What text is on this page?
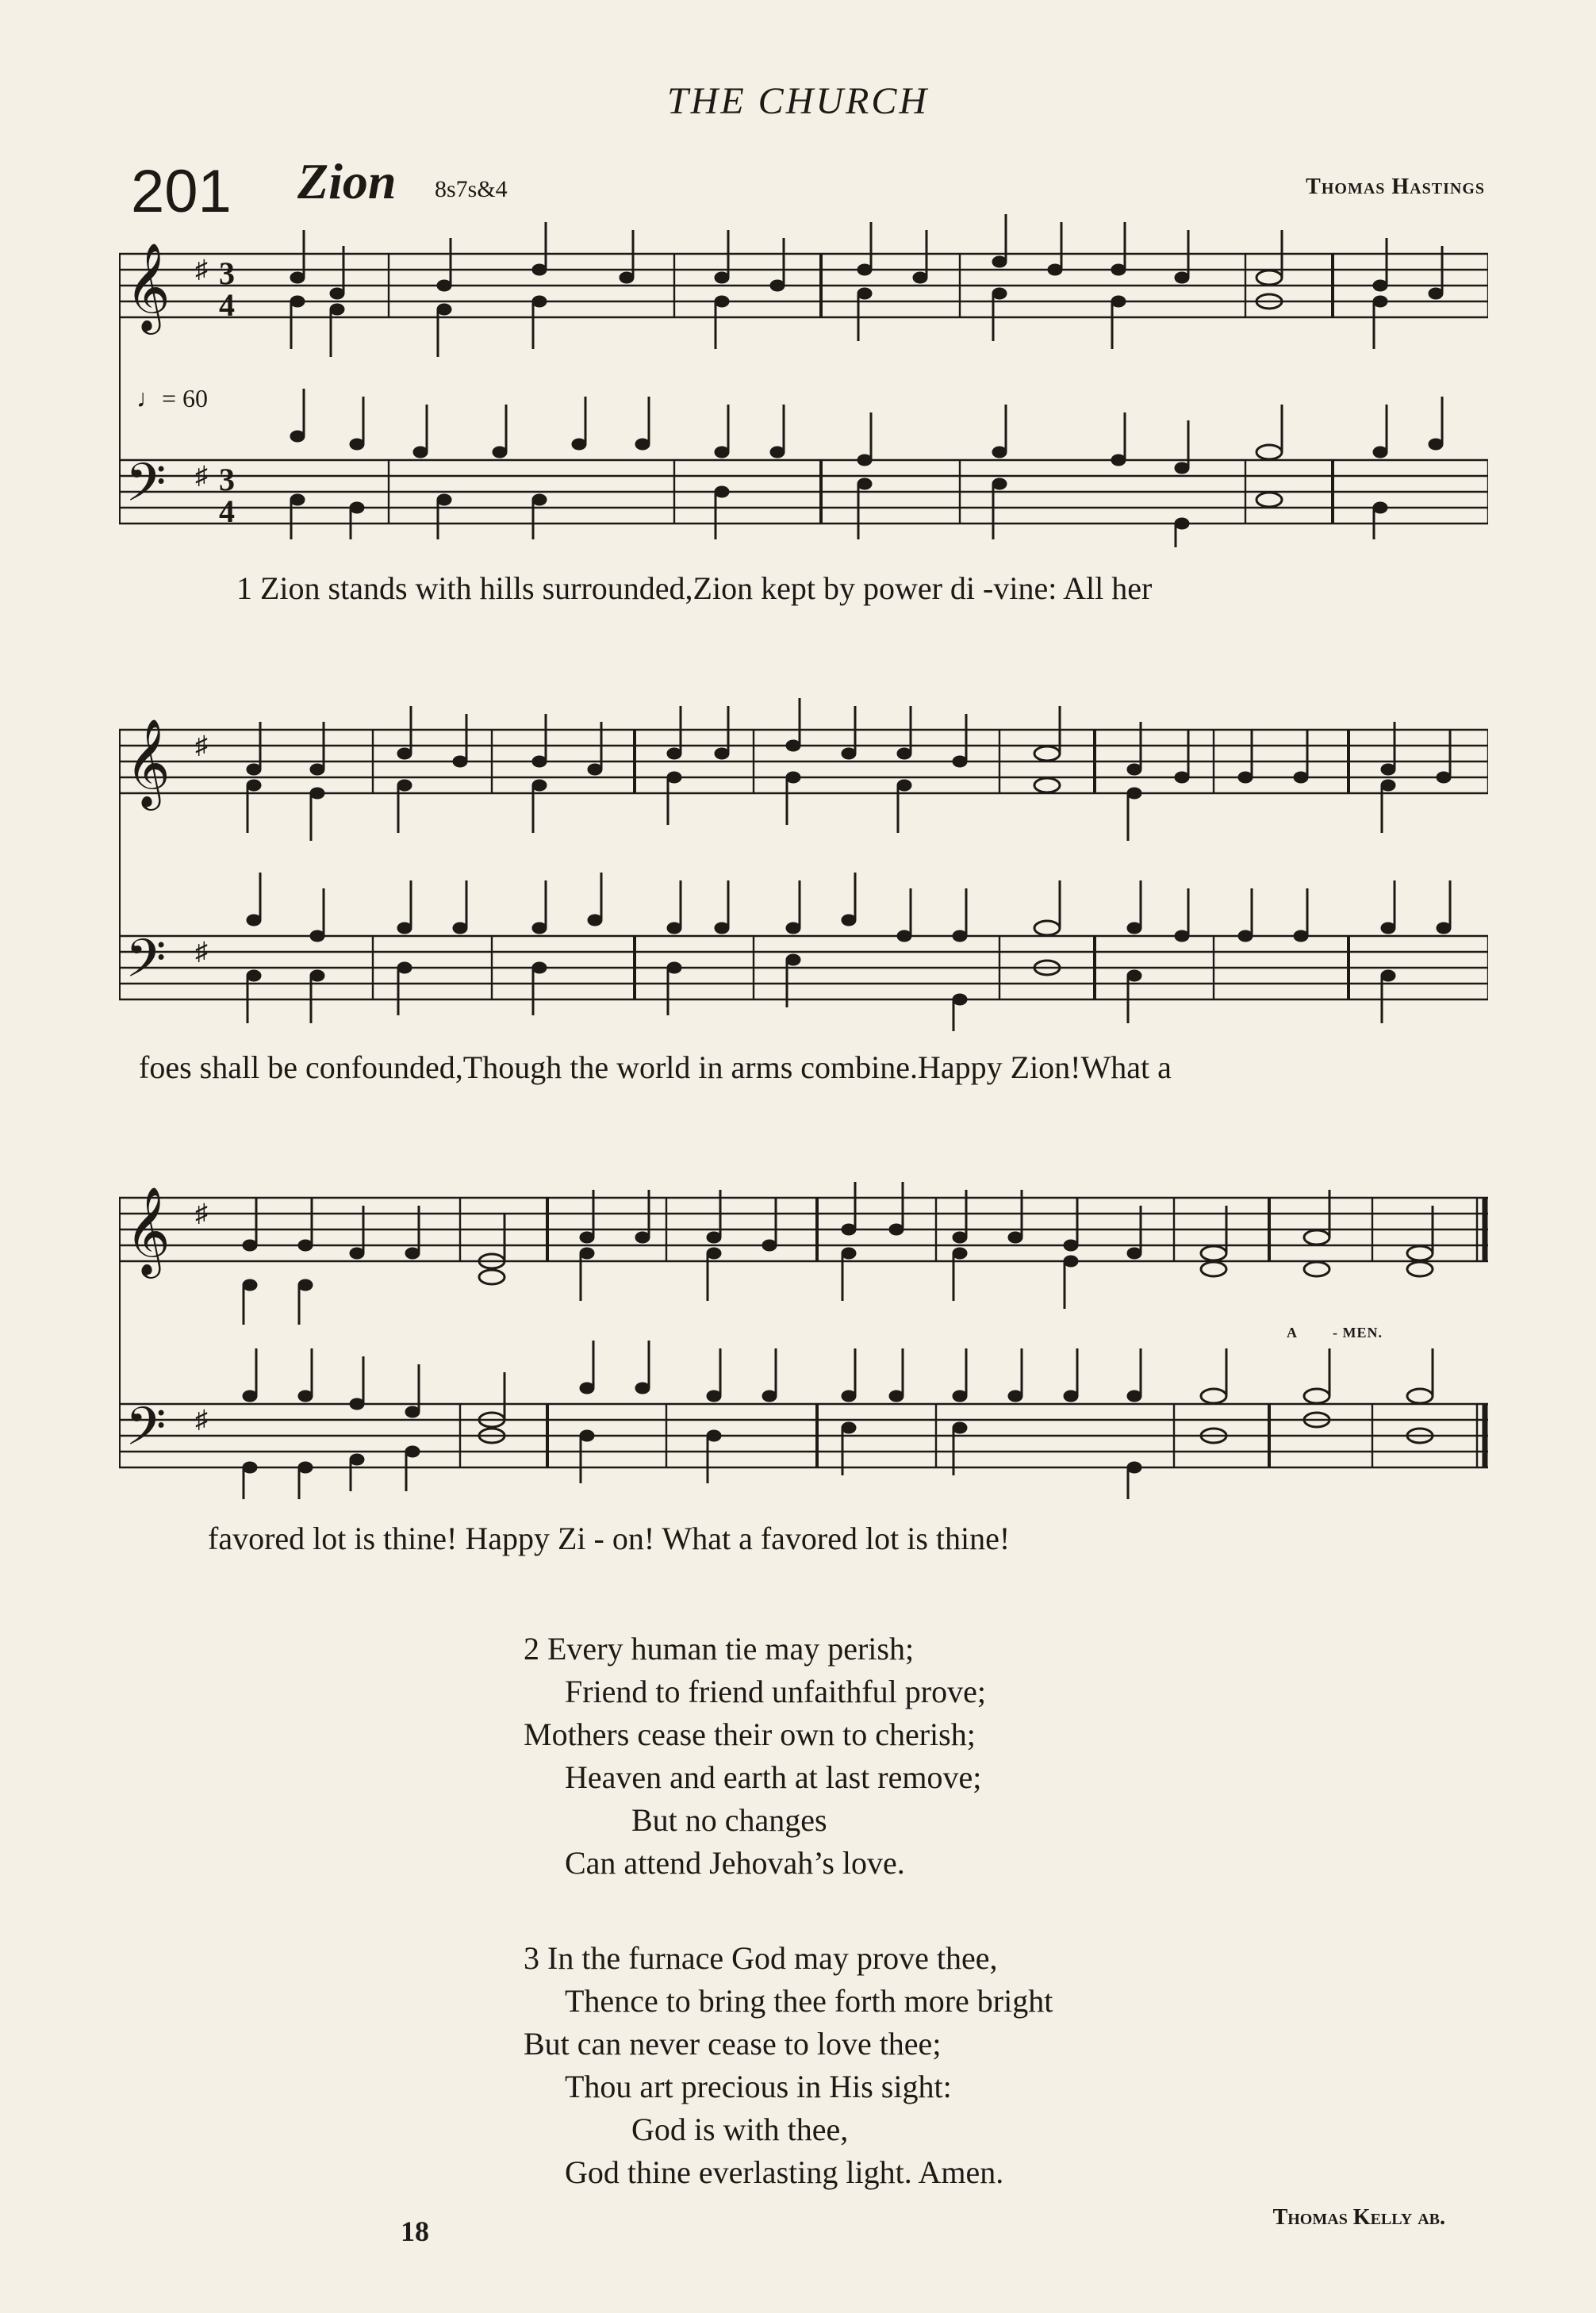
THE CHURCH
201 Zion 8s7s&4	Thomas Hastings
𝄞
𝄢
♯
♯
3
4
3
4
♩= 60
1 Zion stands with hills surrounded,Zion kept by power di -vine: All her
𝄞
𝄢
♯
♯
foes shall be confounded,Though the world in arms combine.Happy Zion!What a
𝄞
𝄢
♯
♯
A - MEN.
favored lot is thine! Happy Zi - on! What a favored lot is thine!
2 Every human tie may perish;
Friend to friend unfaithful prove;
Mothers cease their own to cherish;
Heaven and earth at last remove;
But no changes
Can attend Jehovah’s love.
3 In the furnace God may prove thee,
Thence to bring thee forth more bright
But can never cease to love thee;
Thou art precious in His sight:
God is with thee,
God thine everlasting light. Amen.
18	Thomas Kelly ab.
